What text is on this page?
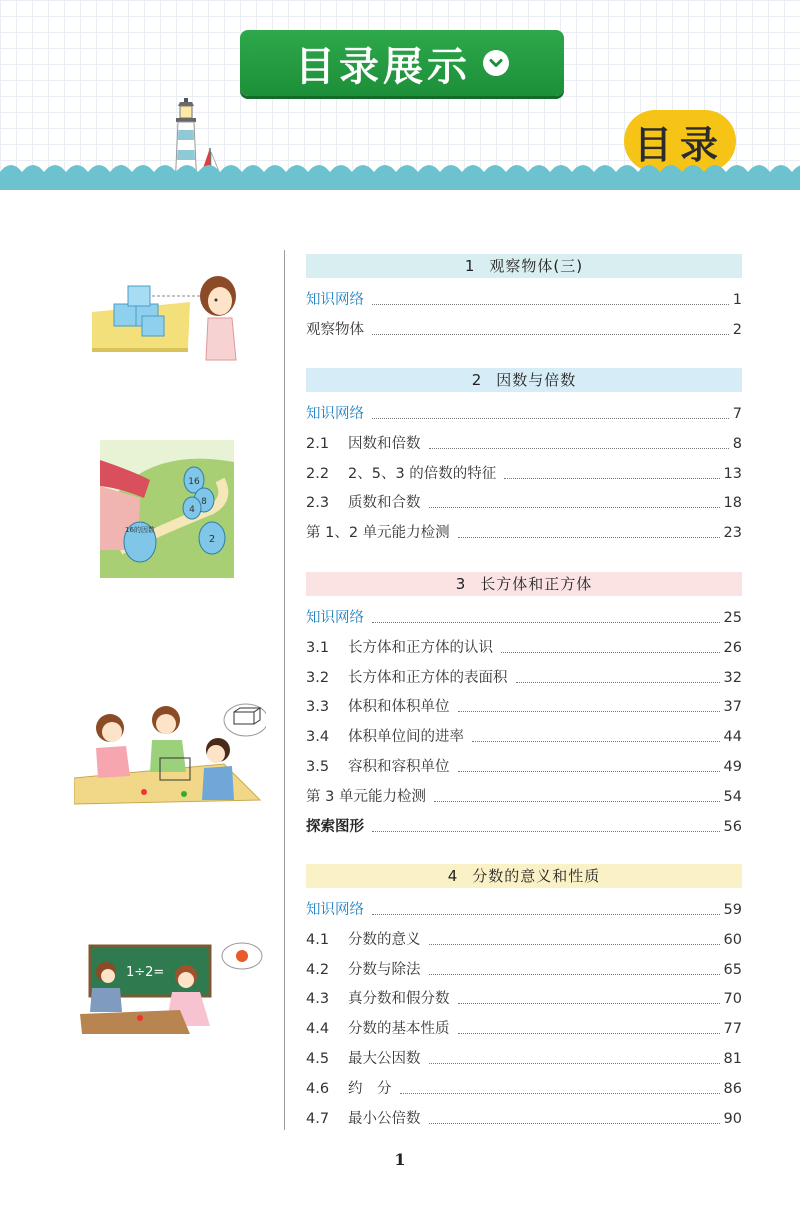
目录展示
目录
16的因数
16
8
4
2
1÷2=
1 观察物体(三)
知识网络	1
观察物体	2
2 因数与倍数
知识网络	7
2.1	因数和倍数	8
2.2	2、5、3 的倍数的特征	13
2.3	质数和合数	18
第 1、2 单元能力检测	23
3 长方体和正方体
知识网络	25
3.1	长方体和正方体的认识	26
3.2	长方体和正方体的表面积	32
3.3	体积和体积单位	37
3.4	体积单位间的进率	44
3.5	容积和容积单位	49
第 3 单元能力检测	54
探索图形	56
4 分数的意义和性质
知识网络	59
4.1	分数的意义	60
4.2	分数与除法	65
4.3	真分数和假分数	70
4.4	分数的基本性质	77
4.5	最大公因数	81
4.6	约　分	86
4.7	最小公倍数	90
1
